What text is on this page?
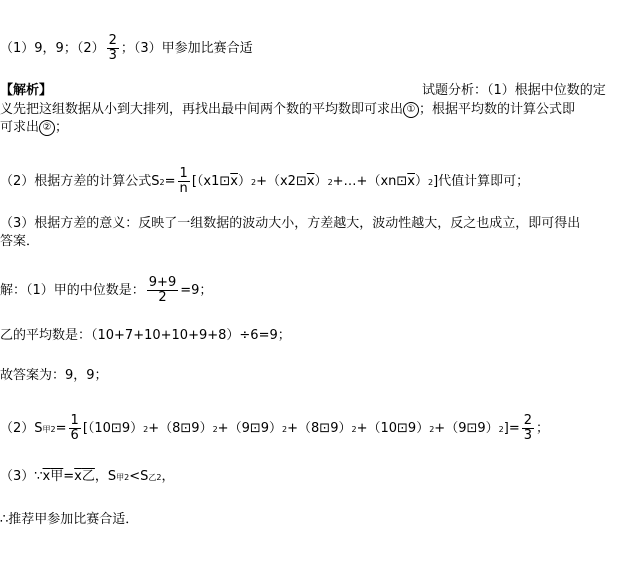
（1）9，9；$(2) \frac{2}{3}$ ；（3）甲参加比赛合适
【解析】	试题分析：（1）根据中位数的定
义先把这组数据从小到大排列，再找出最中间两个数的平均数即可求出 ① ；根据平均数的计算公式即
可求出 ② ；
（2）根据方差的计算公式$S2= \frac{1}{n}$ $[(x1⊡\overline{x})2+(x2⊡\overline{x})2+\dots+(xn⊡\overline{x})2]$代值计算即可；
（3）根据方差的意义：反映了一组数据的波动大小，方差越大，波动性越大，反之也成立，即可得出
答案．
解：（1）甲的中位数是： $\frac{9+9}{2} =9$；
乙的平均数是：（10+7+10+10+9+8）÷6=9；
故答案为：9，9；
（2）S甲$2= \frac{1}{6}$ [（10⊡9）2+（8⊡9）2+（9⊡9）2+（8⊡9）2+（10⊡9）2+（9⊡9）2]= $\frac{2}{3}$ ；
$(3)\because\overline{x}$甲$=\overline{x}$乙，S甲2<S乙2，
∴推荐甲参加比赛合适．
